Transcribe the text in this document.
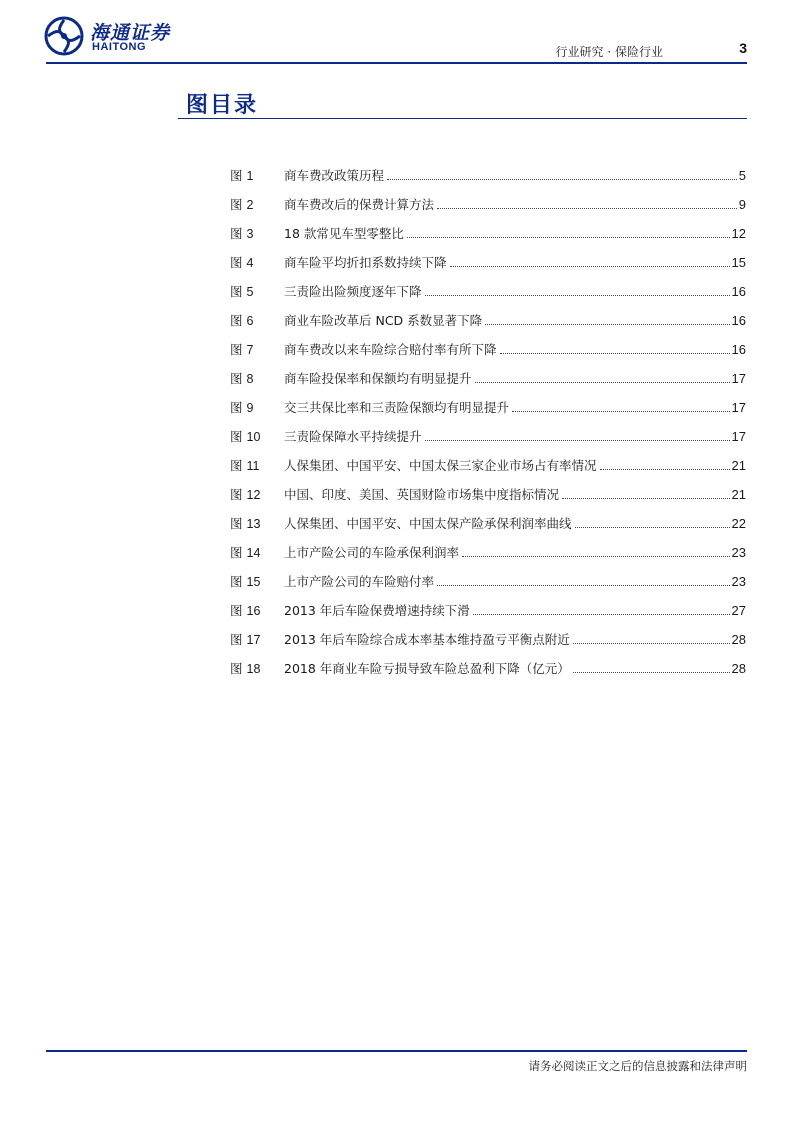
海通证券
HAITONG	行业研究 · 保险行业	3
图目录
图 1	商车费改政策历程	5
图 2	商车费改后的保费计算方法	9
图 3	18 款常见车型零整比	12
图 4	商车险平均折扣系数持续下降	15
图 5	三责险出险频度逐年下降	16
图 6	商业车险改革后 NCD 系数显著下降	16
图 7	商车费改以来车险综合赔付率有所下降	16
图 8	商车险投保率和保额均有明显提升	17
图 9	交三共保比率和三责险保额均有明显提升	17
图 10	三责险保障水平持续提升	17
图 11	人保集团、中国平安、中国太保三家企业市场占有率情况	21
图 12	中国、印度、美国、英国财险市场集中度指标情况	21
图 13	人保集团、中国平安、中国太保产险承保利润率曲线	22
图 14	上市产险公司的车险承保利润率	23
图 15	上市产险公司的车险赔付率	23
图 16	2013 年后车险保费增速持续下滑	27
图 17	2013 年后车险综合成本率基本维持盈亏平衡点附近	28
图 18	2018 年商业车险亏损导致车险总盈利下降（亿元）	28
请务必阅读正文之后的信息披露和法律声明
